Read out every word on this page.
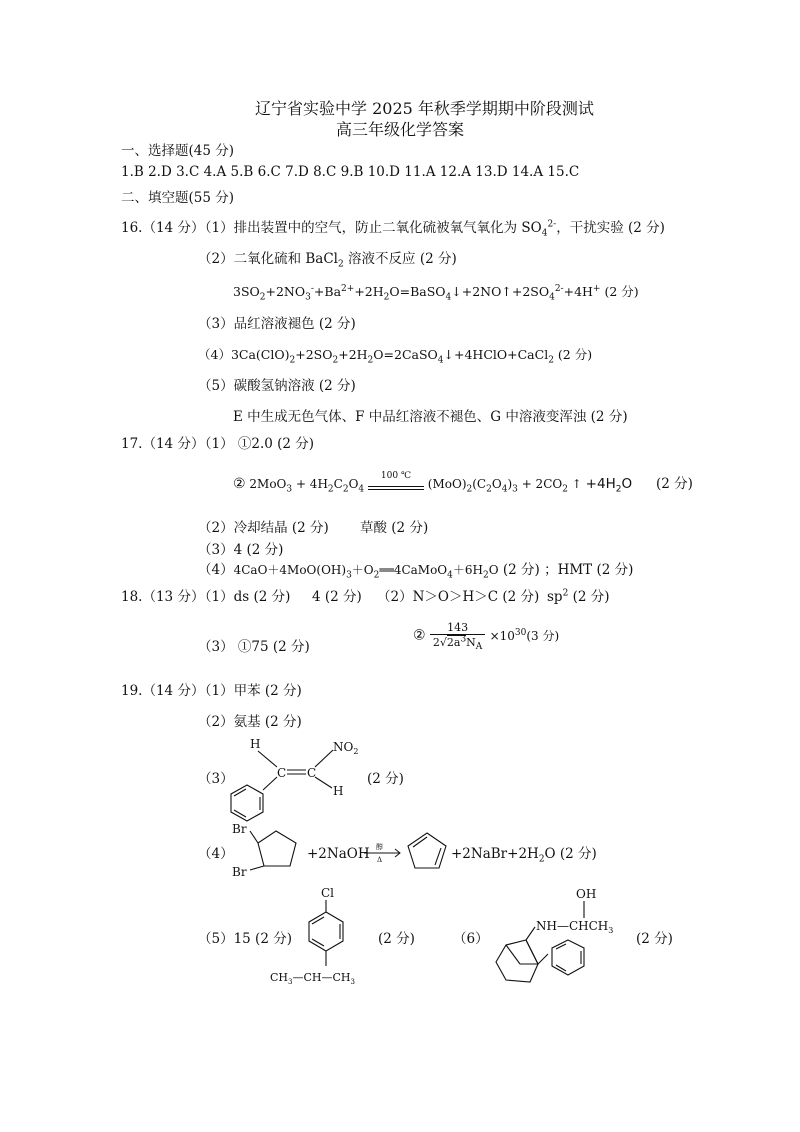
辽宁省实验中学 2025 年秋季学期期中阶段测试
高三年级化学答案
一、选择题(45 分)
1.B 2.D 3.C 4.A 5.B 6.C 7.D 8.C 9.B 10.D 11.A 12.A 13.D 14.A 15.C
二、填空题(55 分)
16.（14 分）
（1）排出装置中的空气，防止二氧化硫被氧气氧化为 $SO_4^{2-}$，干扰实验 (2 分)
（2）二氧化硫和 BaCl$_2$ 溶液不反应 (2 分)
$3SO_2+2NO_3^-+Ba^{2+}+2H_2O=BaSO_4↓+2NO↑+2SO_4^{2-}+4H^+$ (2 分)
（3）品红溶液褪色 (2 分)
$(4)3Ca(ClO)_2+2SO_2+2H_2O=2CaSO_4↓+4HClO+CaCl_2$ (2 分)
（5）碳酸氢钠溶液 (2 分)
E 中生成无色气体、F 中品红溶液不褪色、G 中溶液变浑浊 (2 分)
17.（14 分）
（1） ①2.0 (2 分)
② $2MoO_3 + 4H_2C_2O_4$
100 ℃
$(MoO)_2(C_2O_4)_3 + 2CO_2$ ↑ $+4H_2O$ (2 分)
（2）冷却结晶 (2 分) 草酸 (2 分)
（3）4 (2 分)
$(4)4CaO+4MoO(OH)_3+O_2══4CaMoO_4+6H_2O$ (2 分) ；HMT (2 分)
18.（13 分）
（1）ds (2 分) 4 (2 分) （2）N＞O＞H＞C (2 分) $sp^2$ (2 分)
（3） ①75 (2 分)
② $\frac{143}{2√2a^3N_A} \times 10^{30}(3$ 分)
19.（14 分）
（1）甲苯 (2 分)
（2）氨基 (2 分)
（3）
H	$NO_2$
C C
H
(2 分)
（4）
Br
Br
+2NaOH 醇
Δ	$+2NaBr+2H_2O$ (2 分)
（5）15 (2 分)
Cl
$CH_3—CH—CH_3$
(2 分)	（6）
OH
$NH—CHCH_3$
(2 分)
